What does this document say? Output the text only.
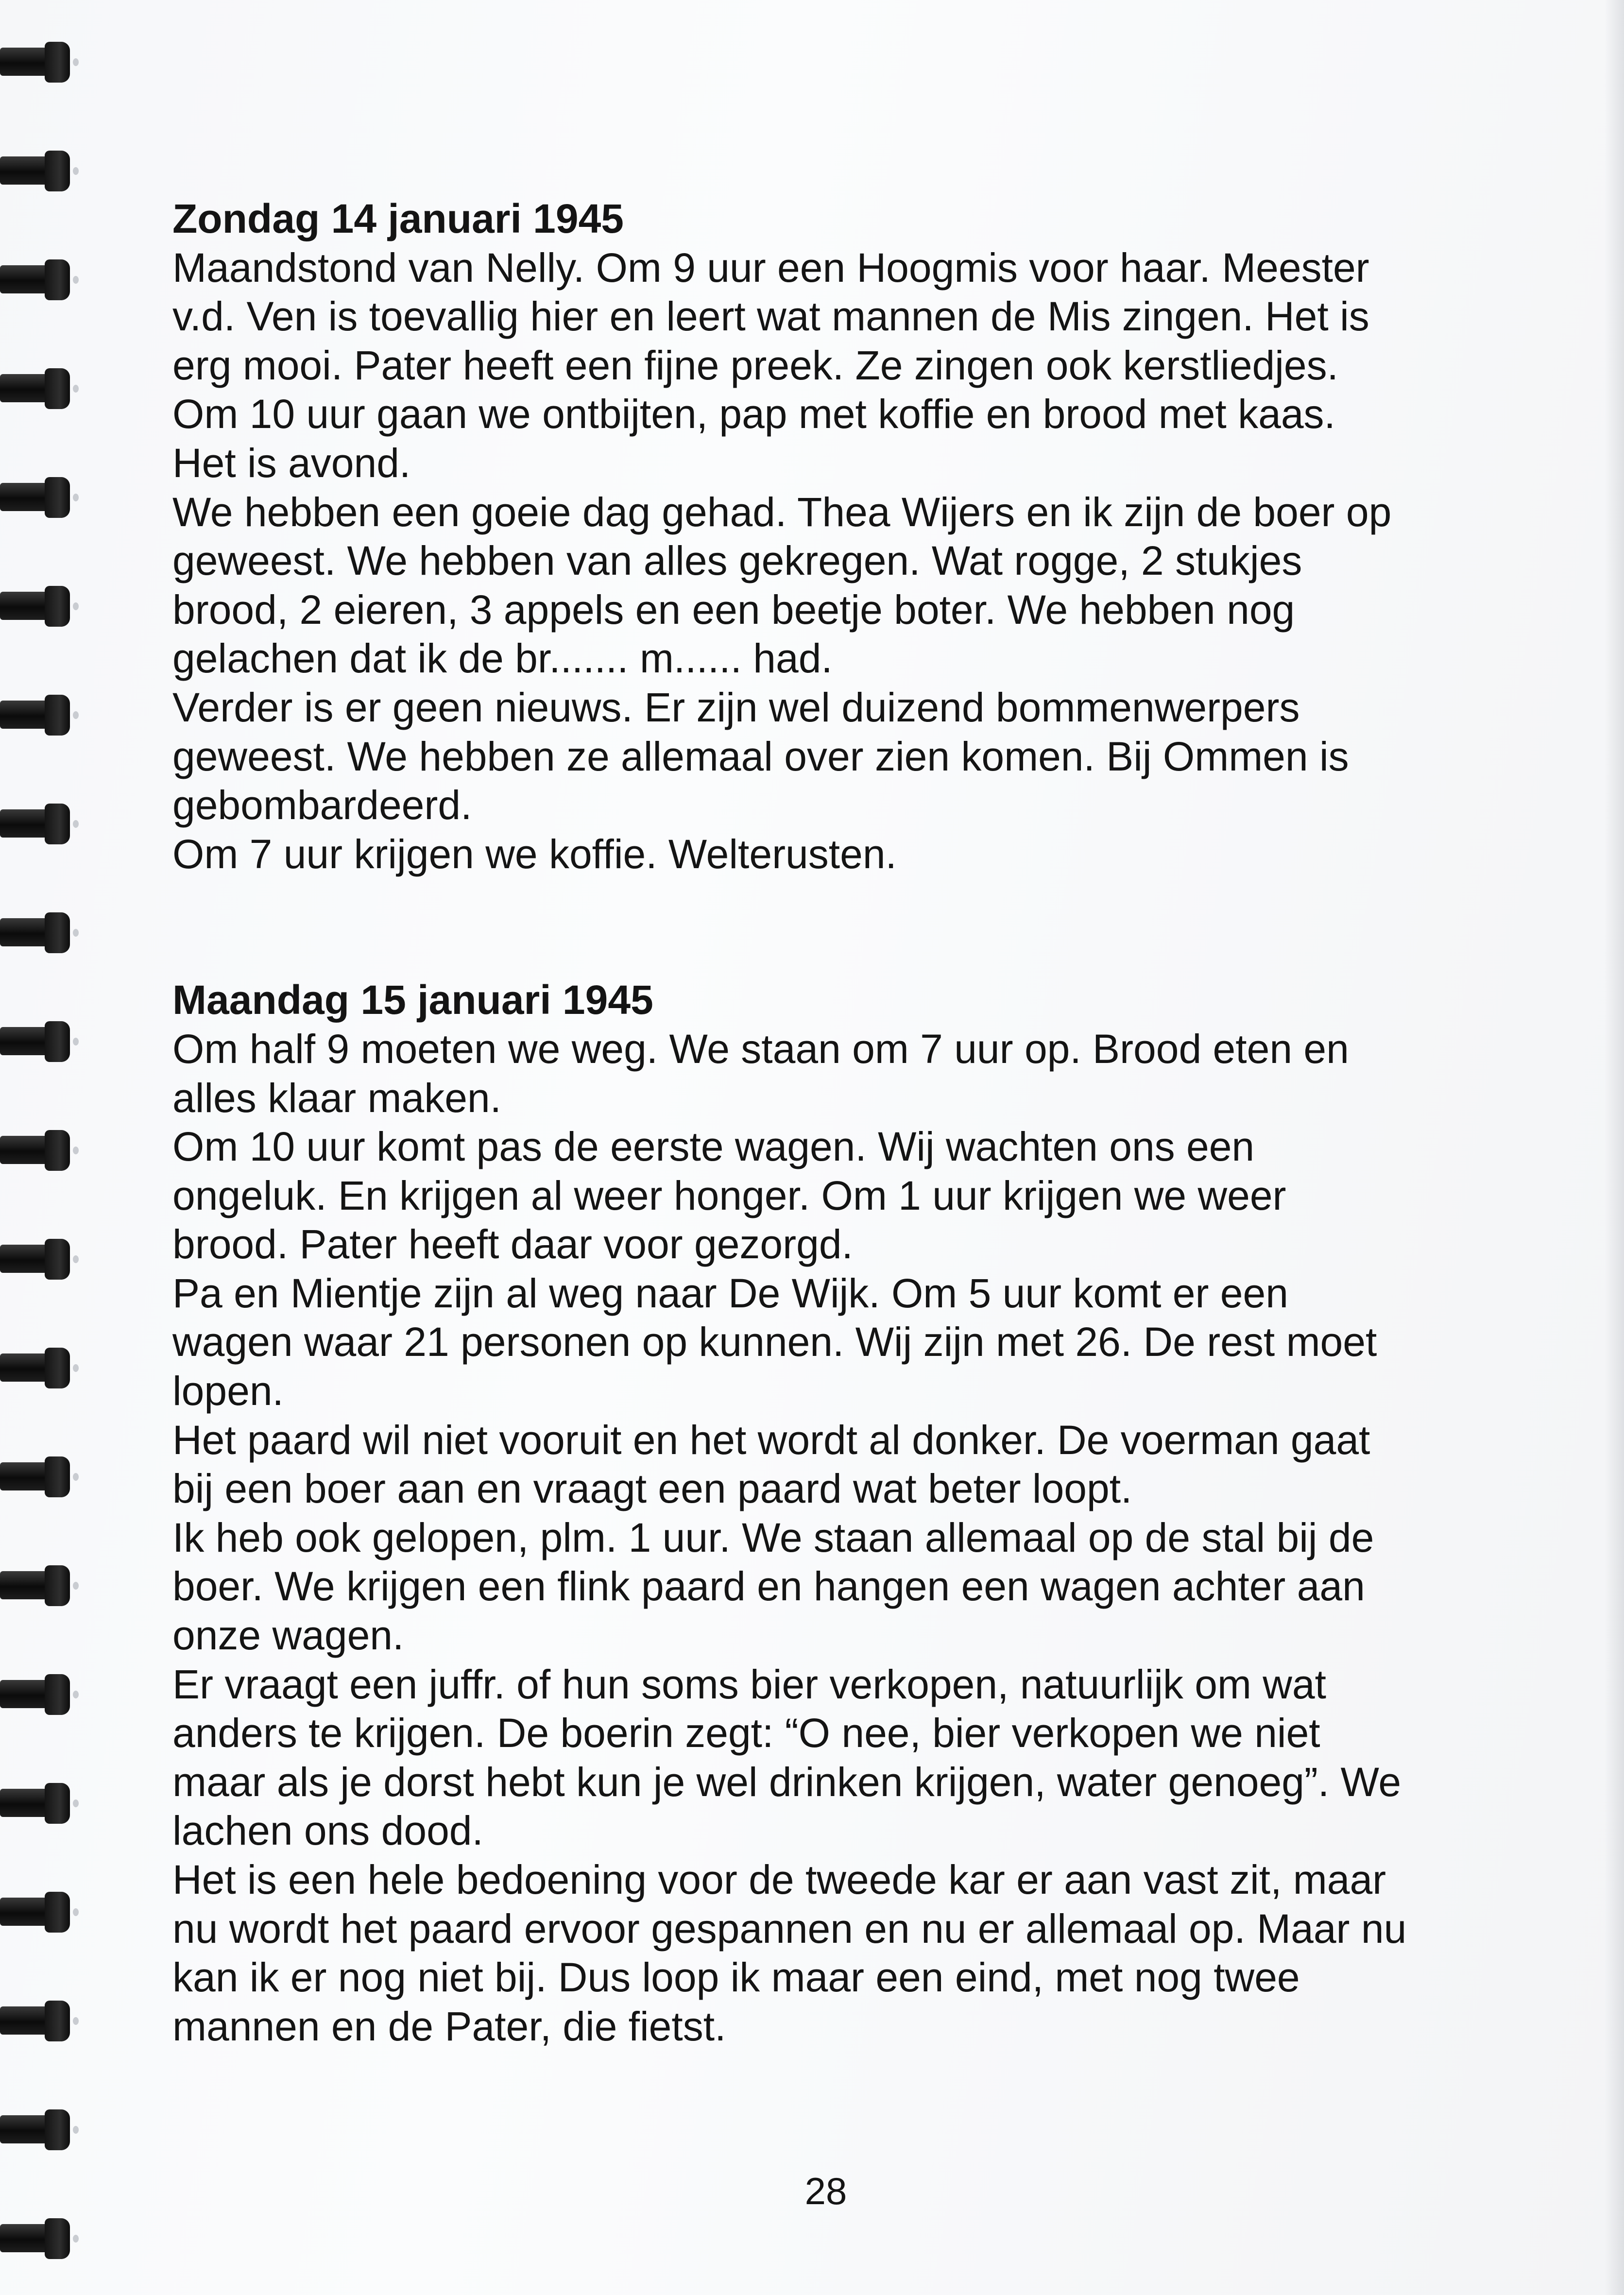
Zondag 14 januari 1945

Maandstond van Nelly. Om 9 uur een Hoogmis voor haar. Meester

v.d. Ven is toevallig hier en leert wat mannen de Mis zingen. Het is

erg mooi. Pater heeft een fijne preek. Ze zingen ook kerstliedjes.

Om 10 uur gaan we ontbijten, pap met koffie en brood met kaas.

Het is avond.

We hebben een goeie dag gehad. Thea Wijers en ik zijn de boer op

geweest. We hebben van alles gekregen. Wat rogge, 2 stukjes

brood, 2 eieren, 3 appels en een beetje boter. We hebben nog

gelachen dat ik de br....... m...... had.

Verder is er geen nieuws. Er zijn wel duizend bommenwerpers

geweest. We hebben ze allemaal over zien komen. Bij Ommen is

gebombardeerd.

Om 7 uur krijgen we koffie. Welterusten.

Maandag 15 januari 1945

Om half 9 moeten we weg. We staan om 7 uur op. Brood eten en

alles klaar maken.

Om 10 uur komt pas de eerste wagen. Wij wachten ons een

ongeluk. En krijgen al weer honger. Om 1 uur krijgen we weer

brood. Pater heeft daar voor gezorgd.

Pa en Mientje zijn al weg naar De Wijk. Om 5 uur komt er een

wagen waar 21 personen op kunnen. Wij zijn met 26. De rest moet

lopen.

Het paard wil niet vooruit en het wordt al donker. De voerman gaat

bij een boer aan en vraagt een paard wat beter loopt.

Ik heb ook gelopen, plm. 1 uur. We staan allemaal op de stal bij de

boer. We krijgen een flink paard en hangen een wagen achter aan

onze wagen.

Er vraagt een juffr. of hun soms bier verkopen, natuurlijk om wat

anders te krijgen. De boerin zegt: “O nee, bier verkopen we niet

maar als je dorst hebt kun je wel drinken krijgen, water genoeg”. We

lachen ons dood.

Het is een hele bedoening voor de tweede kar er aan vast zit, maar

nu wordt het paard ervoor gespannen en nu er allemaal op. Maar nu

kan ik er nog niet bij. Dus loop ik maar een eind, met nog twee

mannen en de Pater, die fietst.

28
